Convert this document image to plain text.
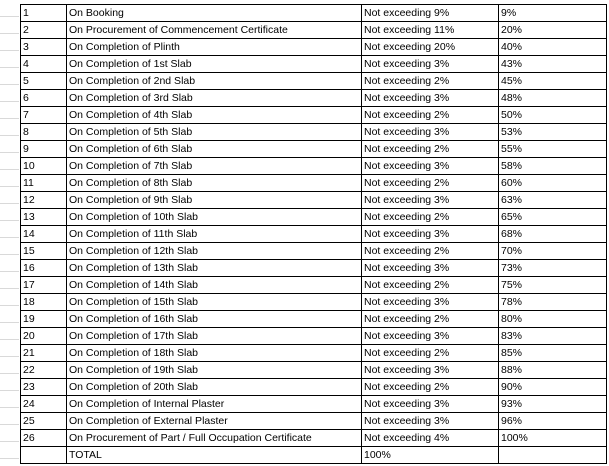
1	On Booking	Not exceeding 9%	9%
2	On Procurement of Commencement Certificate	Not exceeding 11%	20%
3	On Completion of Plinth	Not exceeding 20%	40%
4	On Completion of 1st Slab	Not exceeding 3%	43%
5	On Completion of 2nd Slab	Not exceeding 2%	45%
6	On Completion of 3rd Slab	Not exceeding 3%	48%
7	On Completion of 4th Slab	Not exceeding 2%	50%
8	On Completion of 5th Slab	Not exceeding 3%	53%
9	On Completion of 6th Slab	Not exceeding 2%	55%
10	On Completion of 7th Slab	Not exceeding 3%	58%
11	On Completion of 8th Slab	Not exceeding 2%	60%
12	On Completion of 9th Slab	Not exceeding 3%	63%
13	On Completion of 10th Slab	Not exceeding 2%	65%
14	On Completion of 11th Slab	Not exceeding 3%	68%
15	On Completion of 12th Slab	Not exceeding 2%	70%
16	On Completion of 13th Slab	Not exceeding 3%	73%
17	On Completion of 14th Slab	Not exceeding 2%	75%
18	On Completion of 15th Slab	Not exceeding 3%	78%
19	On Completion of 16th Slab	Not exceeding 2%	80%
20	On Completion of 17th Slab	Not exceeding 3%	83%
21	On Completion of 18th Slab	Not exceeding 2%	85%
22	On Completion of 19th Slab	Not exceeding 3%	88%
23	On Completion of 20th Slab	Not exceeding 2%	90%
24	On Completion of Internal Plaster	Not exceeding 3%	93%
25	On Completion of External Plaster	Not exceeding 3%	96%
26	On Procurement of Part / Full Occupation Certificate	Not exceeding 4%	100%
	TOTAL	100%	
